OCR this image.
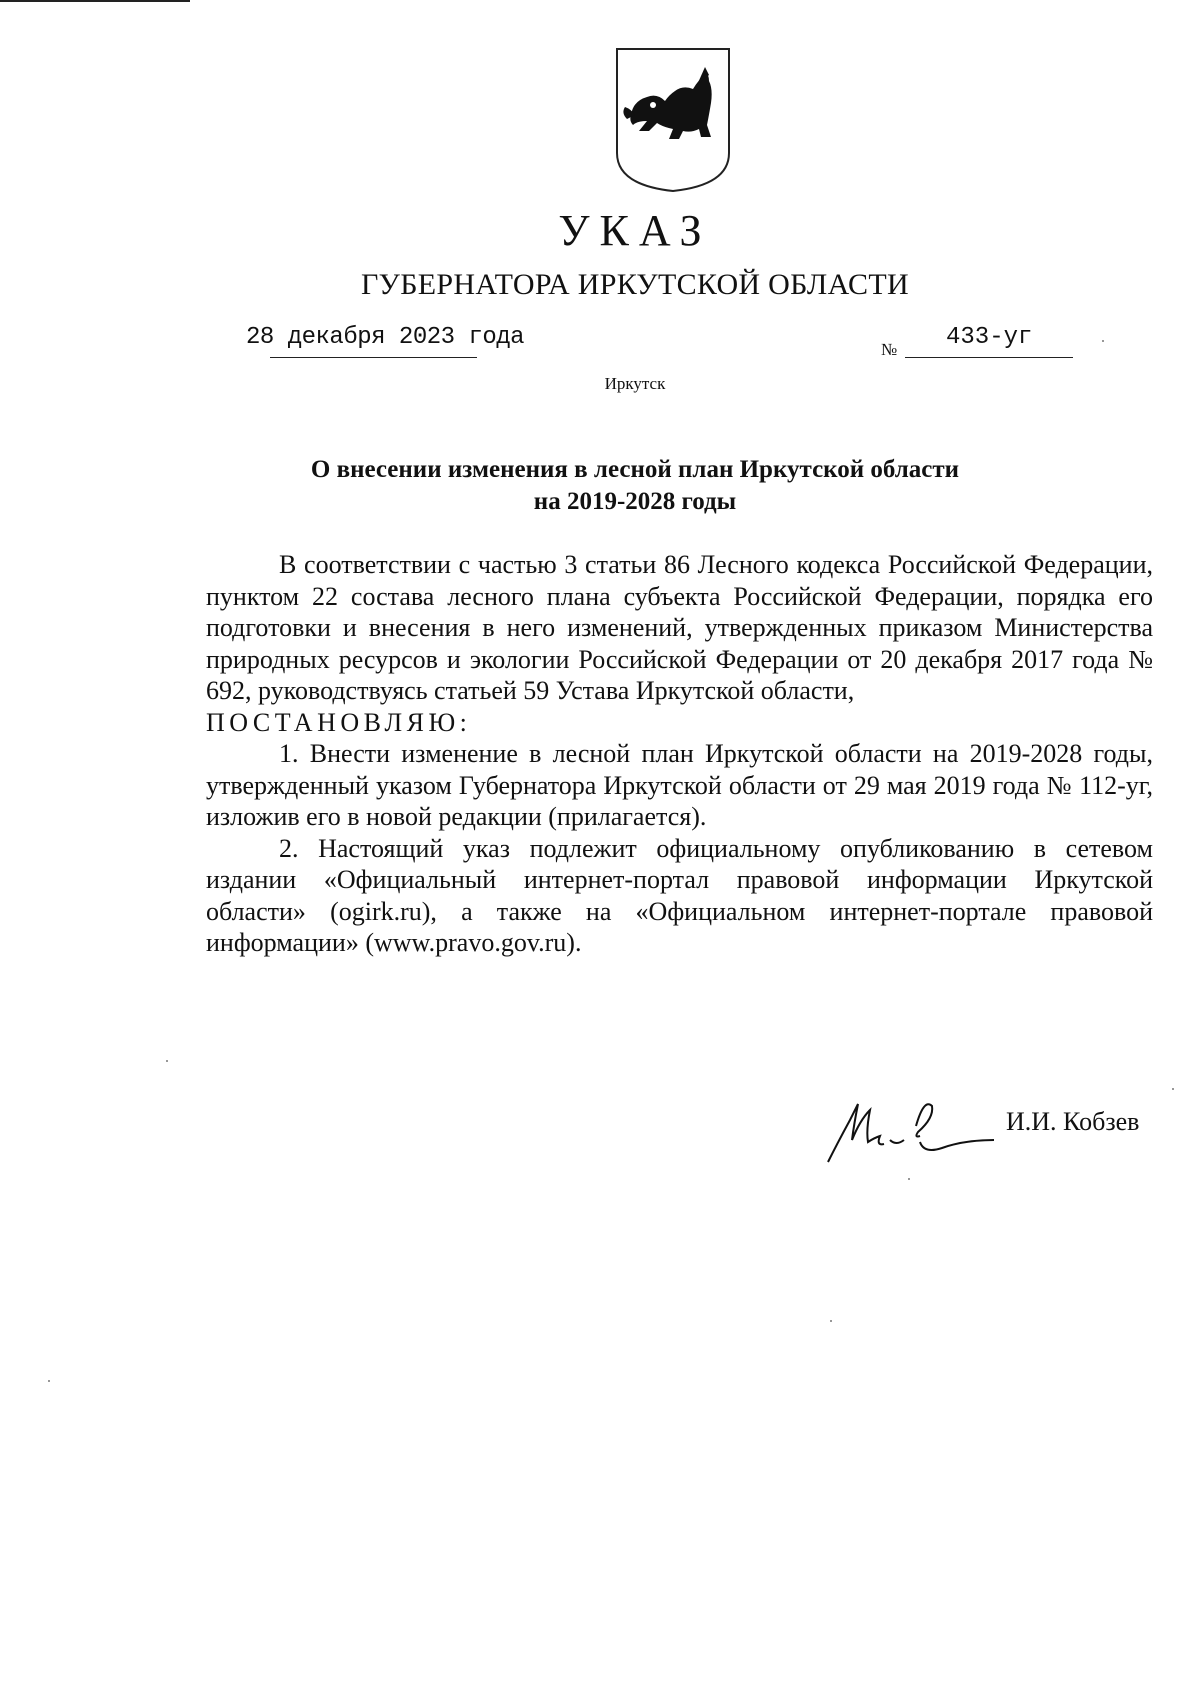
УКАЗ
ГУБЕРНАТОРА ИРКУТСКОЙ ОБЛАСТИ
28 декабря 2023 года	№ 433-уг
Иркутск
О внесении изменения в лесной план Иркутской области
на 2019-2028 годы

В соответствии с частью 3 статьи 86 Лесного кодекса Российской Федерации, пунктом 22 состава лесного плана субъекта Российской Федерации, порядка его подготовки и внесения в него изменений, утвержденных приказом Министерства природных ресурсов и экологии Российской Федерации от 20 декабря 2017 года № 692, руководствуясь статьей 59 Устава Иркутской области,

ПОСТАНОВЛЯЮ:

1. Внести изменение в лесной план Иркутской области на 2019-2028 годы, утвержденный указом Губернатора Иркутской области от 29 мая 2019 года № 112-уг, изложив его в новой редакции (прилагается).

2. Настоящий указ подлежит официальному опубликованию в сетевом издании «Официальный интернет-портал правовой информации Иркутской области» (ogirk.ru), а также на «Официальном интернет-портале правовой информации» (www.pravo.gov.ru).

И.И. Кобзев
